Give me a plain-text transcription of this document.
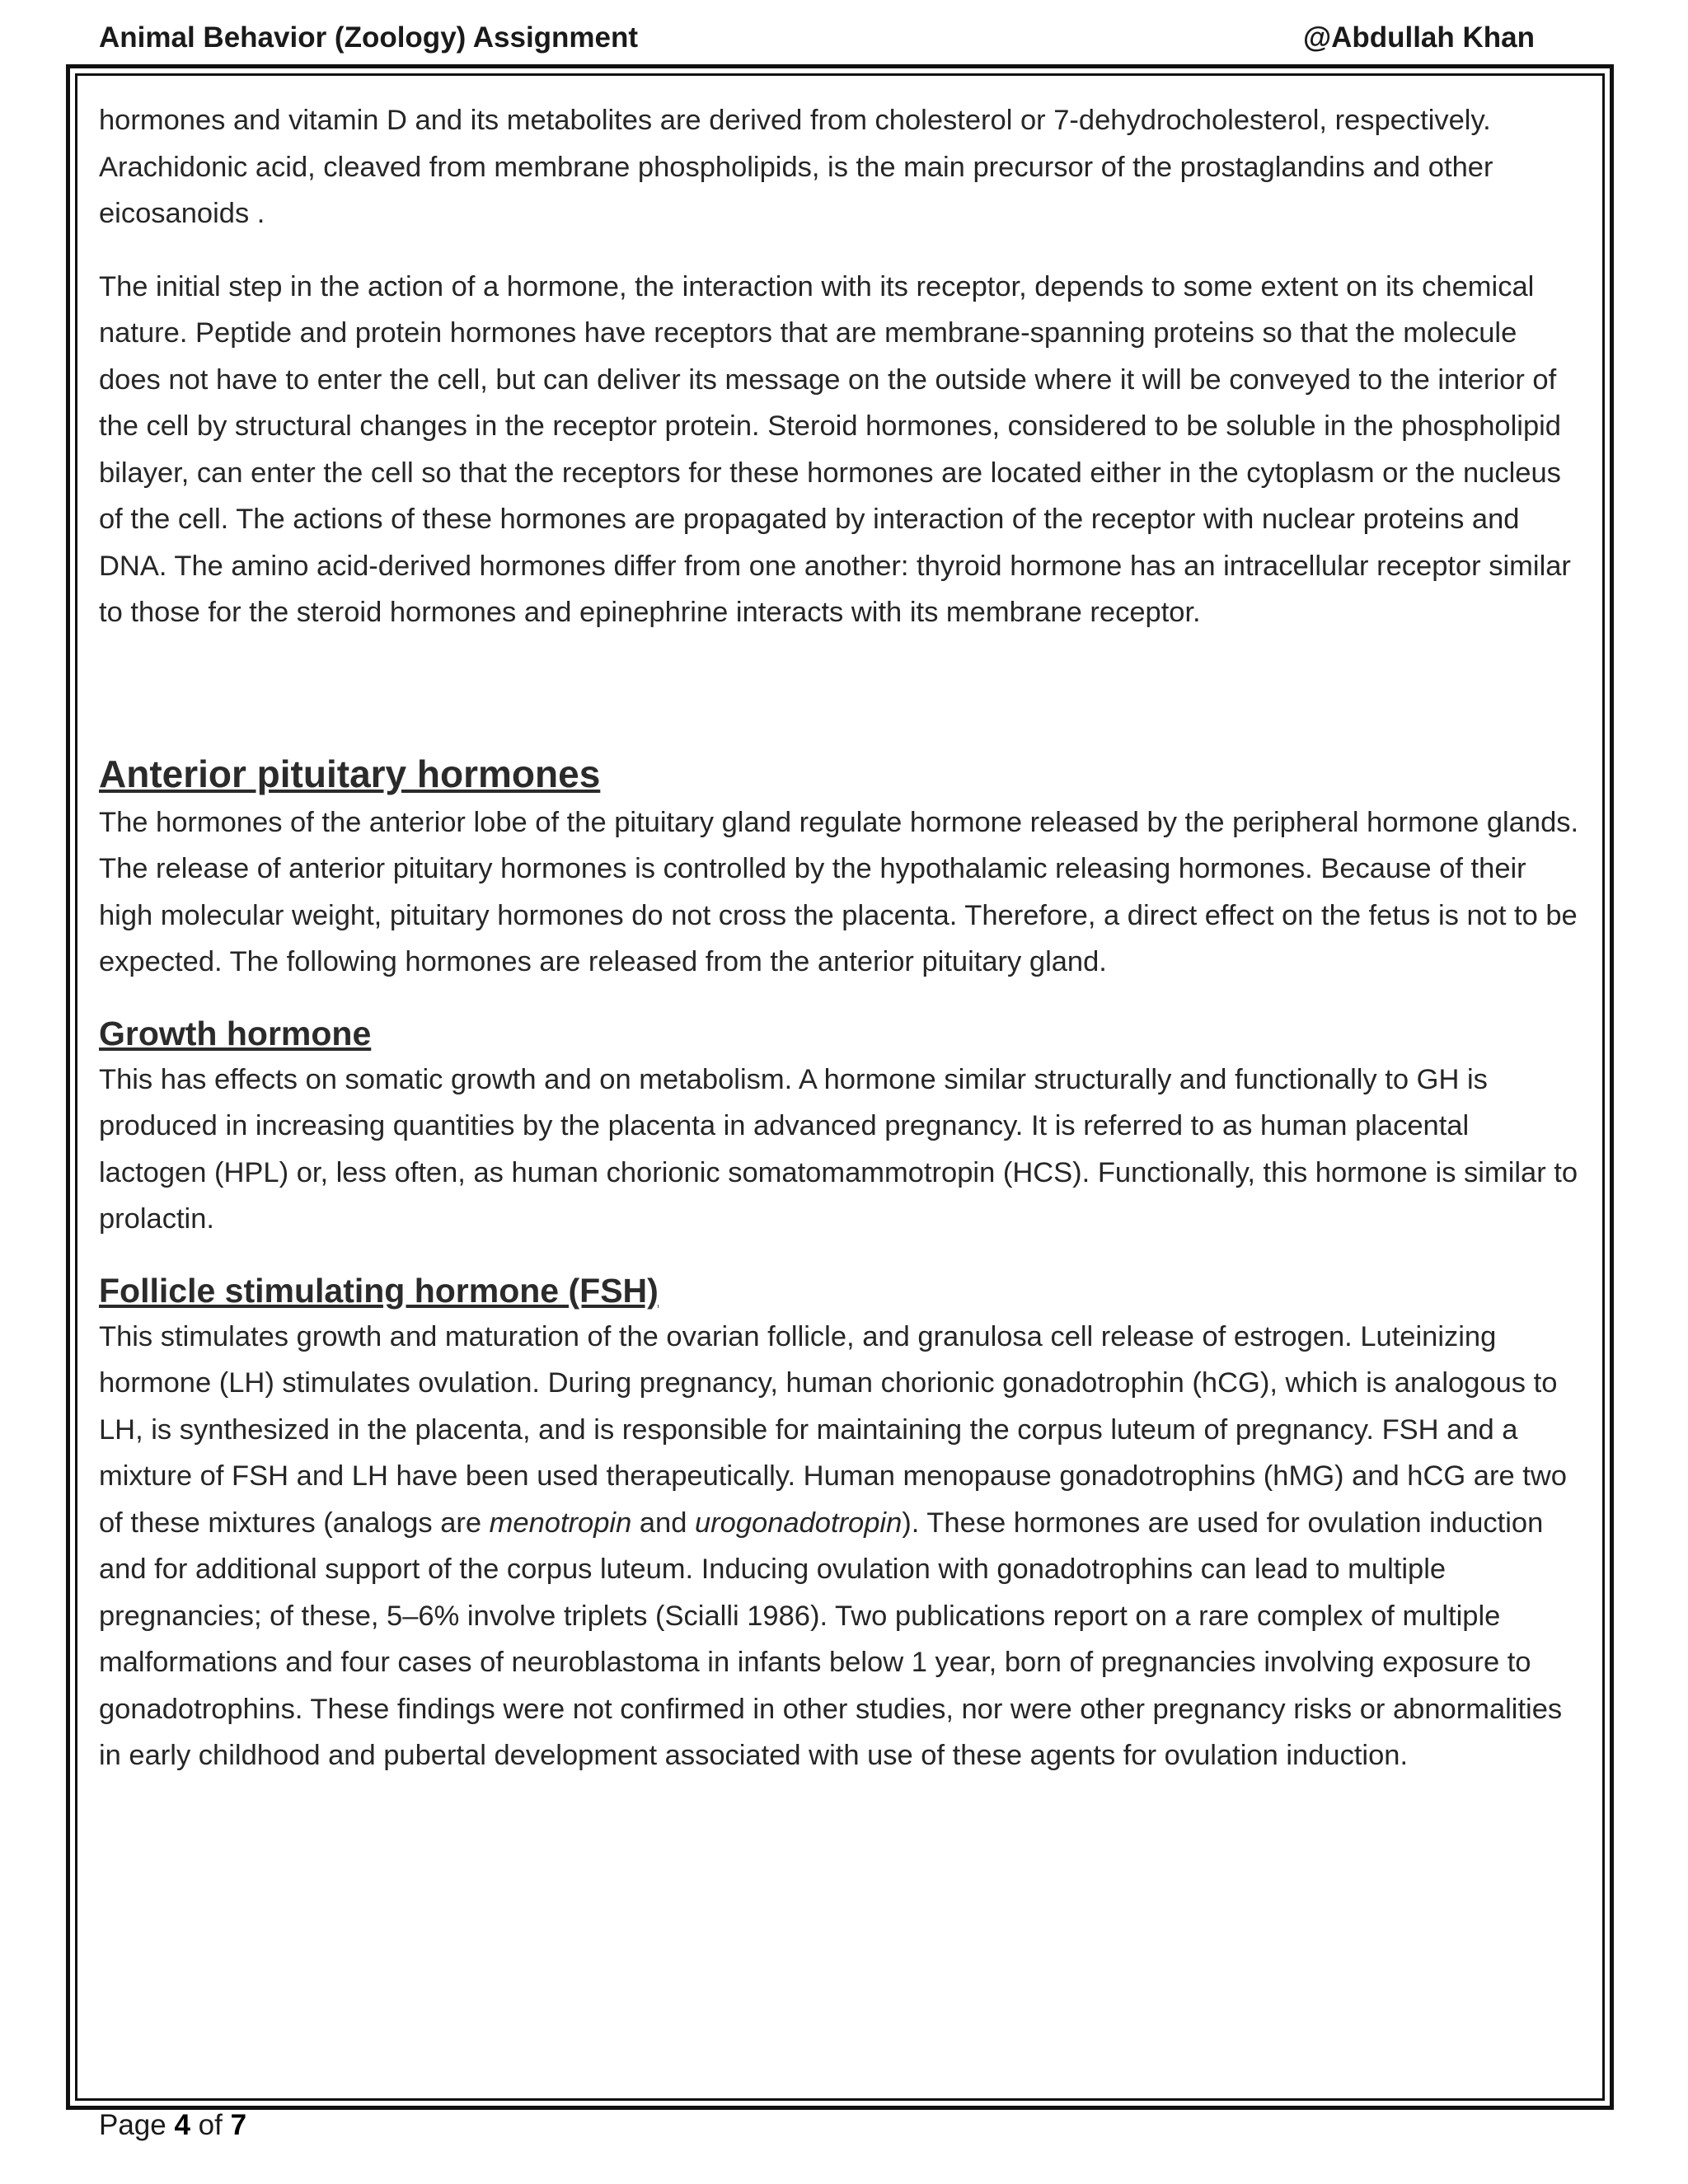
Animal Behavior (Zoology) Assignment	@Abdullah Khan

hormones and vitamin D and its metabolites are derived from cholesterol or 7-dehydrocholesterol, respectively. Arachidonic acid, cleaved from membrane phospholipids, is the main precursor of the prostaglandins and other eicosanoids .

The initial step in the action of a hormone, the interaction with its receptor, depends to some extent on its chemical nature. Peptide and protein hormones have receptors that are membrane-spanning proteins so that the molecule does not have to enter the cell, but can deliver its message on the outside where it will be conveyed to the interior of the cell by structural changes in the receptor protein. Steroid hormones, considered to be soluble in the phospholipid bilayer, can enter the cell so that the receptors for these hormones are located either in the cytoplasm or the nucleus of the cell. The actions of these hormones are propagated by interaction of the receptor with nuclear proteins and DNA. The amino acid-derived hormones differ from one another: thyroid hormone has an intracellular receptor similar to those for the steroid hormones and epinephrine interacts with its membrane receptor.

Anterior pituitary hormones

The hormones of the anterior lobe of the pituitary gland regulate hormone released by the peripheral hormone glands. The release of anterior pituitary hormones is controlled by the hypothalamic releasing hormones. Because of their high molecular weight, pituitary hormones do not cross the placenta. Therefore, a direct effect on the fetus is not to be expected. The following hormones are released from the anterior pituitary gland.

Growth hormone

This has effects on somatic growth and on metabolism. A hormone similar structurally and functionally to GH is produced in increasing quantities by the placenta in advanced pregnancy. It is referred to as human placental lactogen (HPL) or, less often, as human chorionic somatomammotropin (HCS). Functionally, this hormone is similar to prolactin.

Follicle stimulating hormone (FSH)

This stimulates growth and maturation of the ovarian follicle, and granulosa cell release of estrogen. Luteinizing hormone (LH) stimulates ovulation. During pregnancy, human chorionic gonadotrophin (hCG), which is analogous to LH, is synthesized in the placenta, and is responsible for maintaining the corpus luteum of pregnancy. FSH and a mixture of FSH and LH have been used therapeutically. Human menopause gonadotrophins (hMG) and hCG are two of these mixtures (analogs are menotropin and urogonadotropin). These hormones are used for ovulation induction and for additional support of the corpus luteum. Inducing ovulation with gonadotrophins can lead to multiple pregnancies; of these, 5–6% involve triplets (Scialli 1986). Two publications report on a rare complex of multiple malformations and four cases of neuroblastoma in infants below 1 year, born of pregnancies involving exposure to gonadotrophins. These findings were not confirmed in other studies, nor were other pregnancy risks or abnormalities in early childhood and pubertal development associated with use of these agents for ovulation induction.

Page 4 of 7
